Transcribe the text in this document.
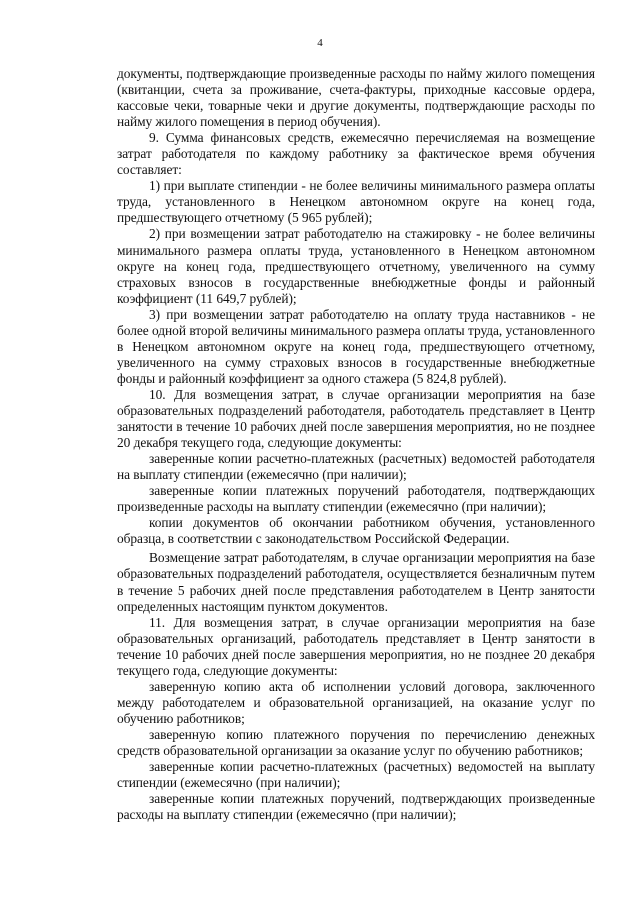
4

документы, подтверждающие произведенные расходы по найму жилого помещения (квитанции, счета за проживание, счета-фактуры, приходные кассовые ордера, кассовые чеки, товарные чеки и другие документы, подтверждающие расходы по найму жилого помещения в период обучения).

9. Сумма финансовых средств, ежемесячно перечисляемая на возмещение затрат работодателя по каждому работнику за фактическое время обучения составляет:

1) при выплате стипендии - не более величины минимального размера оплаты труда, установленного в Ненецком автономном округе на конец года, предшествующего отчетному (5 965 рублей);

2) при возмещении затрат работодателю на стажировку - не более величины минимального размера оплаты труда, установленного в Ненецком автономном округе на конец года, предшествующего отчетному, увеличенного на сумму страховых взносов в государственные внебюджетные фонды и районный коэффициент (11 649,7 рублей);

3) при возмещении затрат работодателю на оплату труда наставников - не более одной второй величины минимального размера оплаты труда, установленного в Ненецком автономном округе на конец года, предшествующего отчетному, увеличенного на сумму страховых взносов в государственные внебюджетные фонды и районный коэффициент за одного стажера (5 824,8 рублей).

10. Для возмещения затрат, в случае организации мероприятия на базе образовательных подразделений работодателя, работодатель представляет в Центр занятости в течение 10 рабочих дней после завершения мероприятия, но не позднее 20 декабря текущего года, следующие документы:

заверенные копии расчетно-платежных (расчетных) ведомостей работодателя на выплату стипендии (ежемесячно (при наличии);

заверенные копии платежных поручений работодателя, подтверждающих произведенные расходы на выплату стипендии (ежемесячно (при наличии);

копии документов об окончании работником обучения, установленного образца, в соответствии с законодательством Российской Федерации.

Возмещение затрат работодателям, в случае организации мероприятия на базе образовательных подразделений работодателя, осуществляется безналичным путем в течение 5 рабочих дней после представления работодателем в Центр занятости определенных настоящим пунктом документов.

11. Для возмещения затрат, в случае организации мероприятия на базе образовательных организаций, работодатель представляет в Центр занятости в течение 10 рабочих дней после завершения мероприятия, но не позднее 20 декабря текущего года, следующие документы:

заверенную копию акта об исполнении условий договора, заключенного между работодателем и образовательной организацией, на оказание услуг по обучению работников;

заверенную копию платежного поручения по перечислению денежных средств образовательной организации за оказание услуг по обучению работников;

заверенные копии расчетно-платежных (расчетных) ведомостей на выплату стипендии (ежемесячно (при наличии);

заверенные копии платежных поручений, подтверждающих произведенные расходы на выплату стипендии (ежемесячно (при наличии);
